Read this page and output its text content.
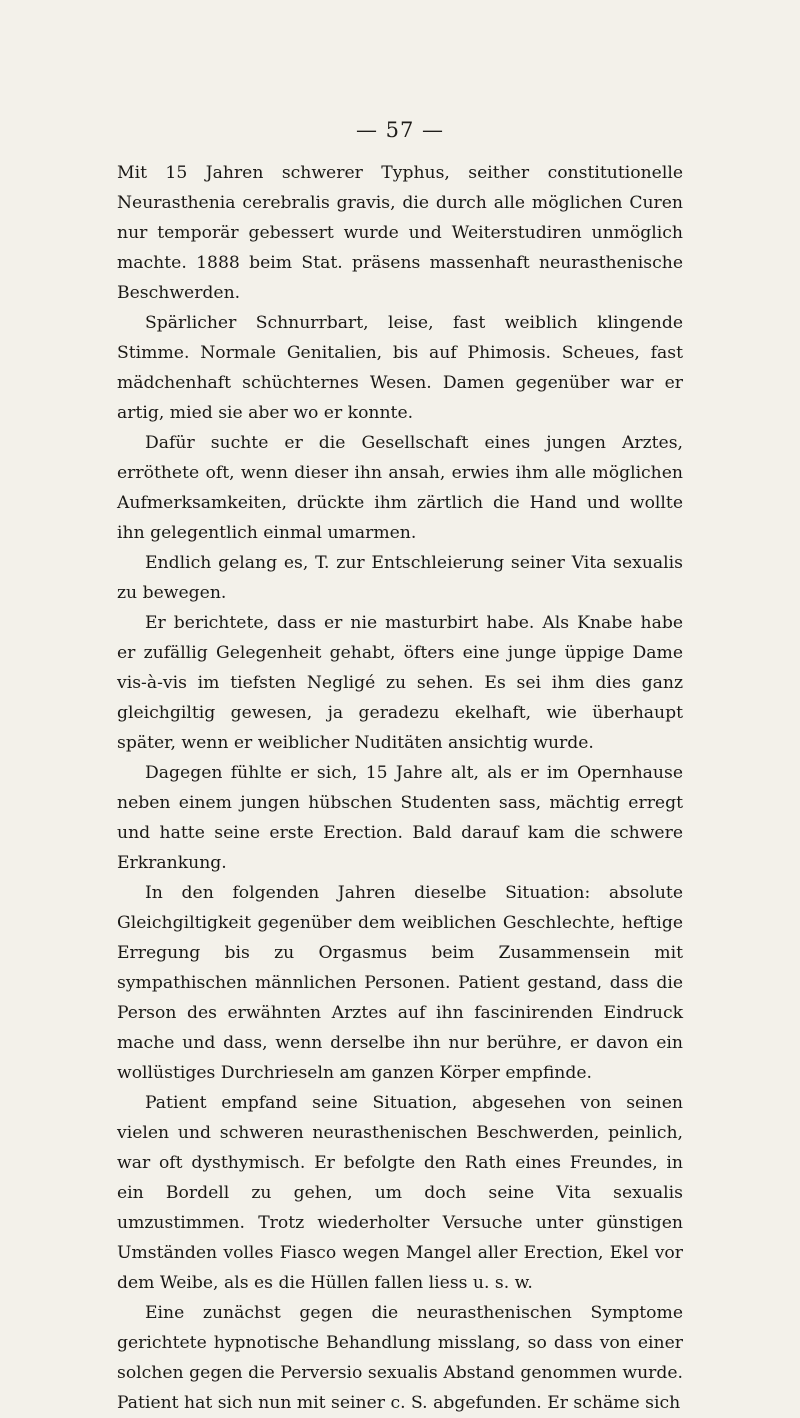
— 57 —

Mit 15 Jahren schwerer Typhus, seither constitutionelle Neurasthenia cerebralis gravis, die durch alle möglichen Curen nur temporär gebessert wurde und Weiterstudiren unmöglich machte. 1888 beim Stat. präsens massenhaft neurasthenische Beschwerden.

Spärlicher Schnurrbart, leise, fast weiblich klingende Stimme. Normale Genitalien, bis auf Phimosis. Scheues, fast mädchenhaft schüchternes Wesen. Damen gegenüber war er artig, mied sie aber wo er konnte.

Dafür suchte er die Gesellschaft eines jungen Arztes, erröthete oft, wenn dieser ihn ansah, erwies ihm alle möglichen Aufmerksamkeiten, drückte ihm zärtlich die Hand und wollte ihn gelegentlich einmal umarmen.

Endlich gelang es, T. zur Entschleierung seiner Vita sexualis zu bewegen.

Er berichtete, dass er nie masturbirt habe. Als Knabe habe er zufällig Gelegenheit gehabt, öfters eine junge üppige Dame vis-à-vis im tiefsten Negligé zu sehen. Es sei ihm dies ganz gleichgiltig gewesen, ja geradezu ekelhaft, wie überhaupt später, wenn er weiblicher Nuditäten ansichtig wurde.

Dagegen fühlte er sich, 15 Jahre alt, als er im Opernhause neben einem jungen hübschen Studenten sass, mächtig erregt und hatte seine erste Erection. Bald darauf kam die schwere Erkrankung.

In den folgenden Jahren dieselbe Situation: absolute Gleichgiltigkeit gegenüber dem weiblichen Geschlechte, heftige Erregung bis zu Orgasmus beim Zusammensein mit sympathischen männlichen Personen. Patient gestand, dass die Person des erwähnten Arztes auf ihn fascinirenden Eindruck mache und dass, wenn derselbe ihn nur berühre, er davon ein wollüstiges Durchrieseln am ganzen Körper empfinde.

Patient empfand seine Situation, abgesehen von seinen vielen und schweren neurasthenischen Beschwerden, peinlich, war oft dysthymisch. Er befolgte den Rath eines Freundes, in ein Bordell zu gehen, um doch seine Vita sexualis umzustimmen. Trotz wiederholter Versuche unter günstigen Umständen volles Fiasco wegen Mangel aller Erection, Ekel vor dem Weibe, als es die Hüllen fallen liess u. s. w.

Eine zunächst gegen die neurasthenischen Symptome gerichtete hypnotische Behandlung misslang, so dass von einer solchen gegen die Perversio sexualis Abstand genommen wurde. Patient hat sich nun mit seiner c. S. abgefunden. Er schäme sich
